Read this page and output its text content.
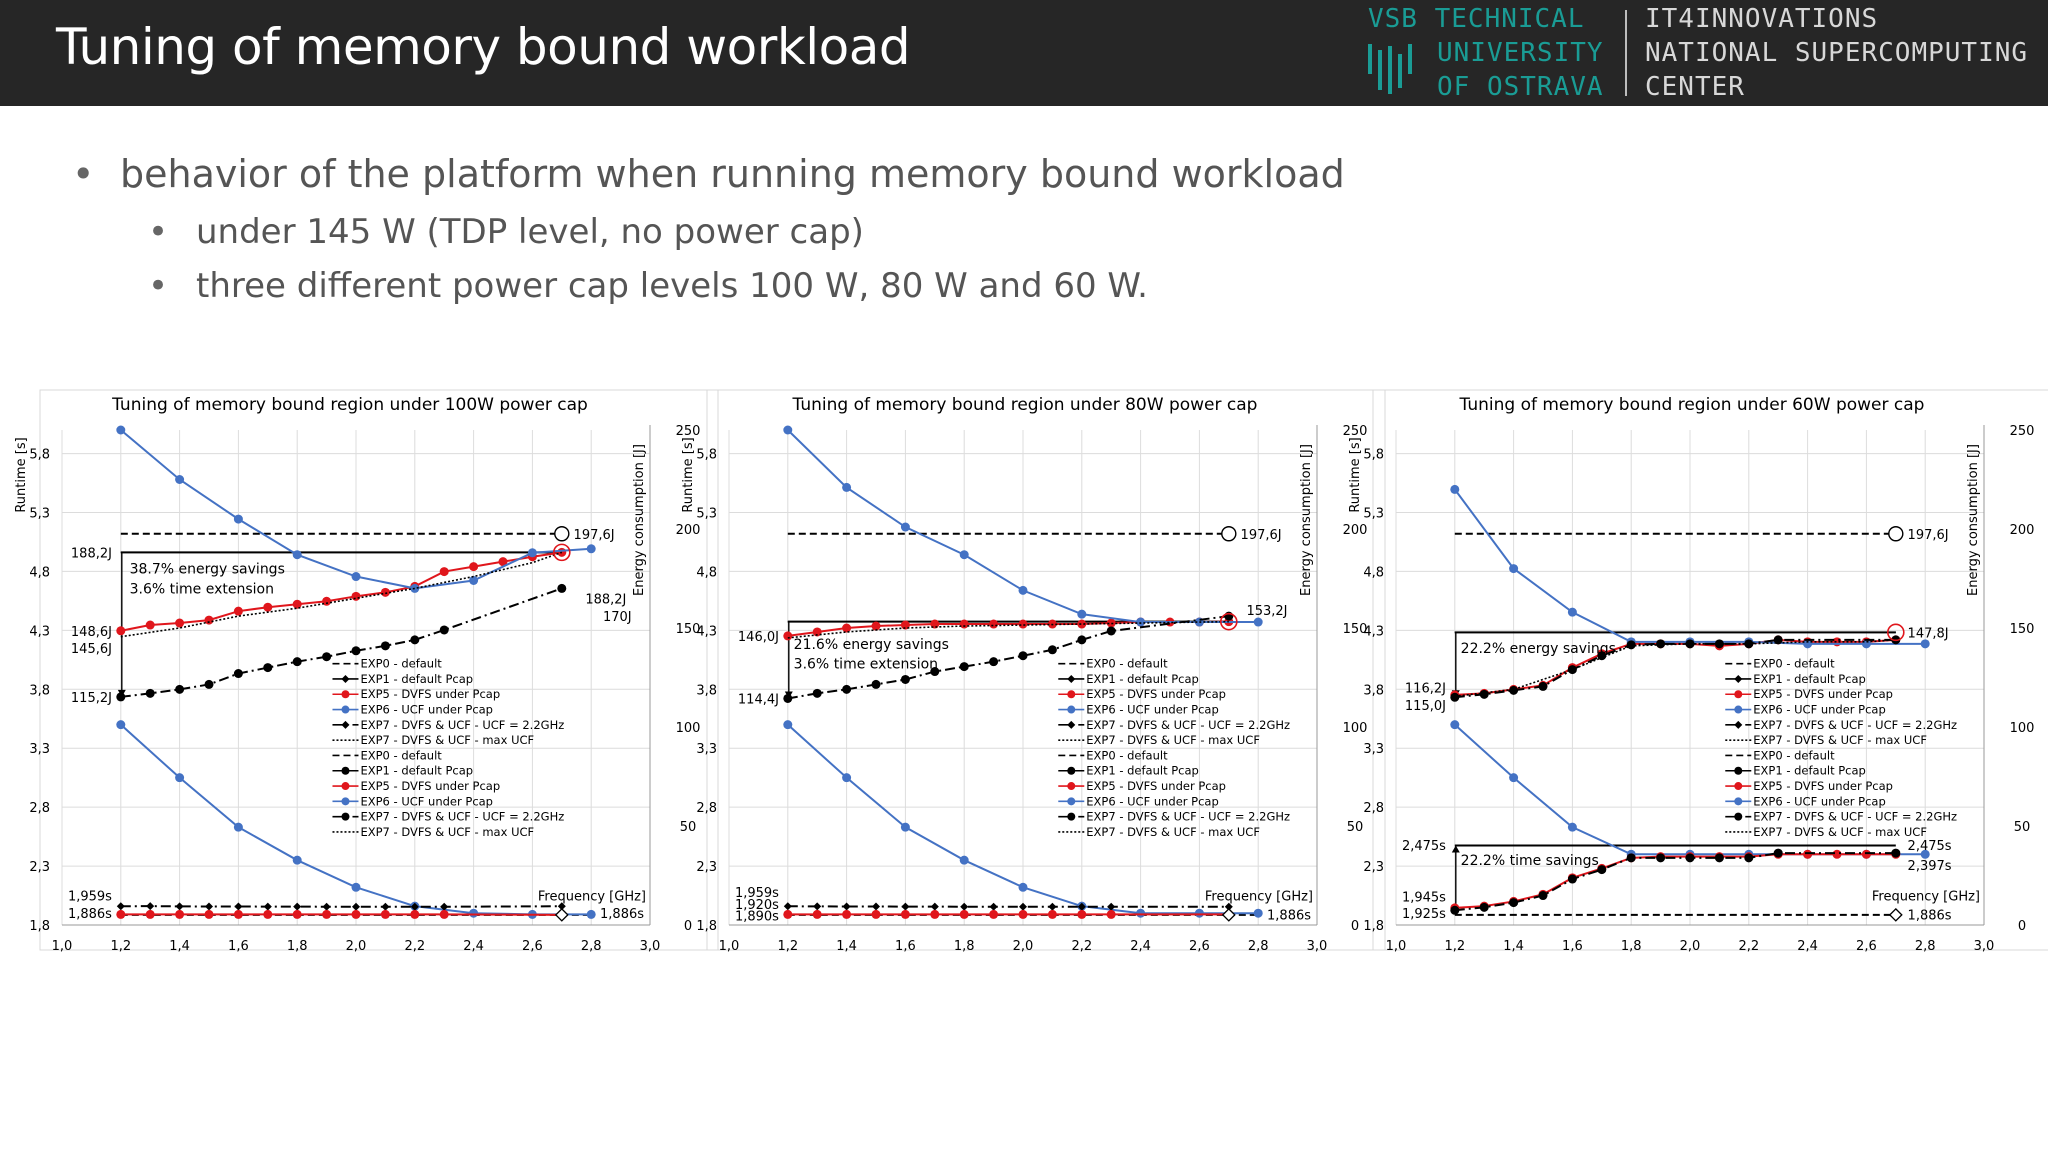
Tuning of memory bound workload	VSB TECHNICAL
UNIVERSITY
OF OSTRAVA
IT4INNOVATIONS
NATIONAL SUPERCOMPUTING
CENTER
• behavior of the platform when running memory bound workload
• under 145 W (TDP level, no power cap)
• three different power cap levels 100 W, 80 W and 60 W.
Tuning of memory bound region under 100W power cap
1,0	1,2	1,4	1,6	1,8	2,0	2,2	2,4	2,6	2,8	3,0
1,8
2,3
2,8
3,3
3,8
4,3
4,8
5,3
5,8
0
50
100
150
200
250
Runtime [s]	Energy consumption [J]
197,6J
188,2J
148,6J
145,6J
115,2J
188,2J
170J
1,959s
1,886s	1,886s
38.7% energy savings
3.6% time extension
Frequency [GHz]
EXP0 - default
EXP1 - default Pcap
EXP5 - DVFS under Pcap
EXP6 - UCF under Pcap
EXP7 - DVFS & UCF - UCF = 2.2GHz
EXP7 - DVFS & UCF - max UCF
EXP0 - default
EXP1 - default Pcap
EXP5 - DVFS under Pcap
EXP6 - UCF under Pcap
EXP7 - DVFS & UCF - UCF = 2.2GHz
EXP7 - DVFS & UCF - max UCF
Tuning of memory bound region under 80W power cap
1,0	1,2	1,4	1,6	1,8	2,0	2,2	2,4	2,6	2,8	3,0
1,8
2,3
2,8
3,3
3,8
4,3
4,8
5,3
5,8
0
50
100
150
200
250
Runtime [s]	Energy consumption [J]
197,6J
153,2J
146,0J
114,4J
1,959s
1,920s
1,890s	1,886s
21.6% energy savings
3.6% time extension
Frequency [GHz]
EXP0 - default
EXP1 - default Pcap
EXP5 - DVFS under Pcap
EXP6 - UCF under Pcap
EXP7 - DVFS & UCF - UCF = 2.2GHz
EXP7 - DVFS & UCF - max UCF
EXP0 - default
EXP1 - default Pcap
EXP5 - DVFS under Pcap
EXP6 - UCF under Pcap
EXP7 - DVFS & UCF - UCF = 2.2GHz
EXP7 - DVFS & UCF - max UCF
Tuning of memory bound region under 60W power cap
1,0	1,2	1,4	1,6	1,8	2,0	2,2	2,4	2,6	2,8	3,0
1,8
2,3
2,8
3,3
3,8
4,3
4,8
5,3
5,8
0
50
100
150
200
250
Runtime [s]	Energy consumption [J]
197,6J
147,8J
116,2J
115,0J
2,475s	2,475s
2,397s
1,945s
1,925s	1,886s
22.2% energy savings
22.2% time savings
Frequency [GHz]
EXP0 - default
EXP1 - default Pcap
EXP5 - DVFS under Pcap
EXP6 - UCF under Pcap
EXP7 - DVFS & UCF - UCF = 2.2GHz
EXP7 - DVFS & UCF - max UCF
EXP0 - default
EXP1 - default Pcap
EXP5 - DVFS under Pcap
EXP6 - UCF under Pcap
EXP7 - DVFS & UCF - UCF = 2.2GHz
EXP7 - DVFS & UCF - max UCF
